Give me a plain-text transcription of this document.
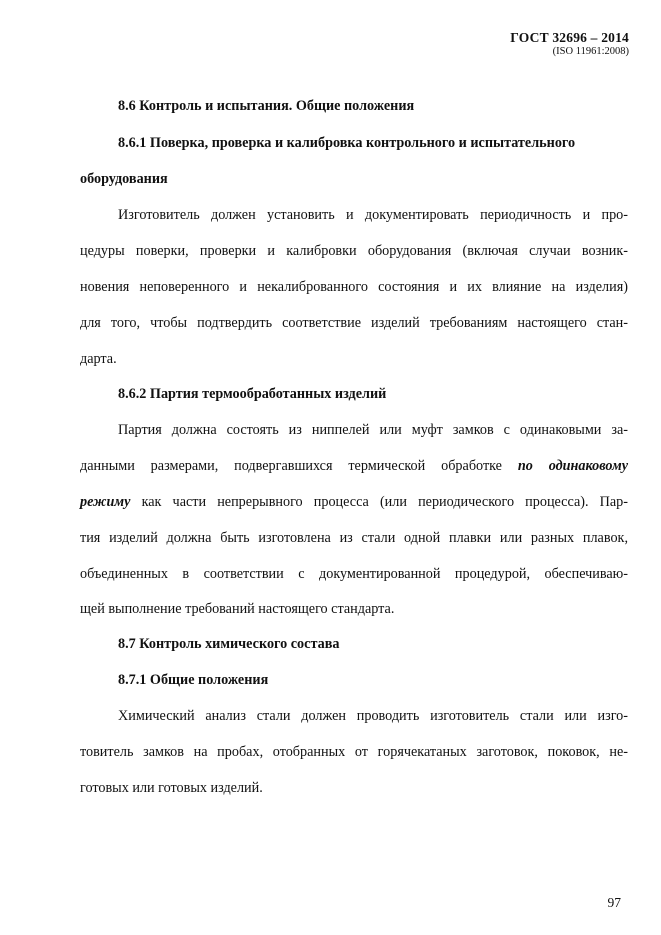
ГОСТ 32696 – 2014
(ISO 11961:2008)
8.6 Контроль и испытания. Общие положения
8.6.1 Поверка, проверка и калибровка контрольного и испытательного
оборудования
Изготовитель должен установить и документировать периодичность и про-
цедуры поверки, проверки и калибровки оборудования (включая случаи возник-
новения неповеренного и некалиброванного состояния и их влияние на изделия)
для того, чтобы подтвердить соответствие изделий требованиям настоящего стан-
дарта.
8.6.2 Партия термообработанных изделий
Партия должна состоять из ниппелей или муфт замков с одинаковыми за-
данными размерами, подвергавшихся термической обработке по одинаковому
режиму как части непрерывного процесса (или периодического процесса). Пар-
тия изделий должна быть изготовлена из стали одной плавки или разных плавок,
объединенных в соответствии с документированной процедурой, обеспечиваю-
щей выполнение требований настоящего стандарта.
8.7 Контроль химического состава
8.7.1 Общие положения
Химический анализ стали должен проводить изготовитель стали или изго-
товитель замков на пробах, отобранных от горячекатаных заготовок, поковок, не-
готовых или готовых изделий.
97
